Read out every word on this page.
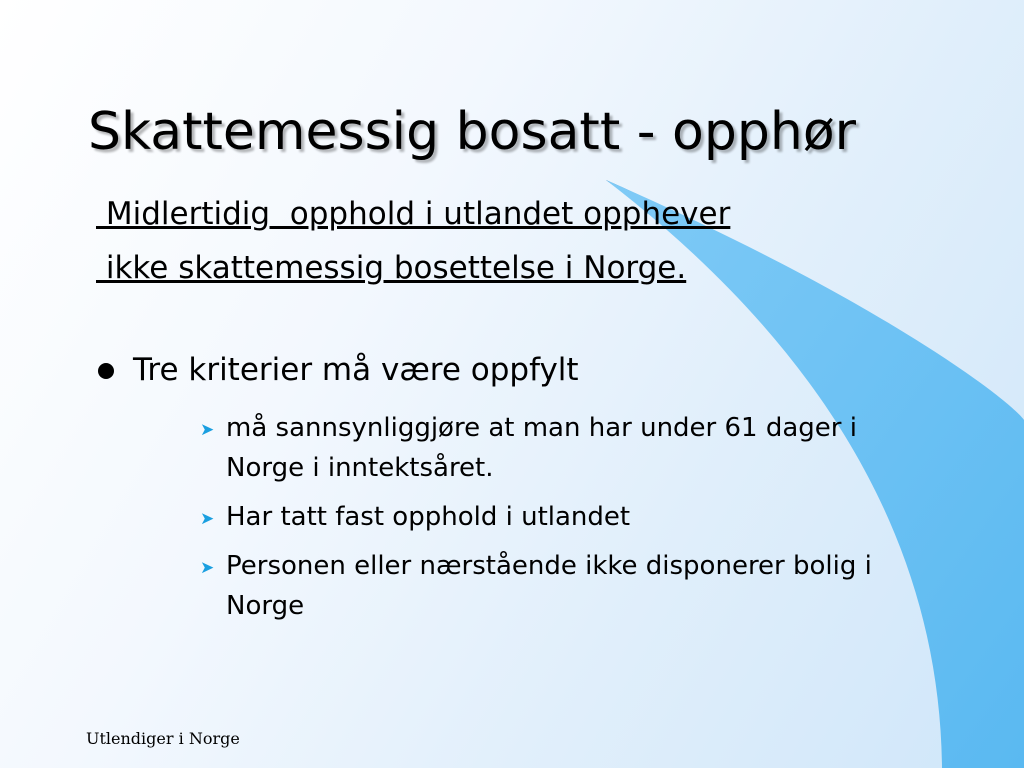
Skattemessig bosatt - opphør

Midlertidig  opphold i utlandet opphever

ikke skattemessig bosettelse i Norge.

Tre kriterier må være oppfylt
➤ må sannsynliggjøre at man har under 61 dager i Norge i inntektsåret.
➤ Har tatt fast opphold i utlandet
➤ Personen eller nærstående ikke disponerer bolig i Norge
Utlendiger i Norge
